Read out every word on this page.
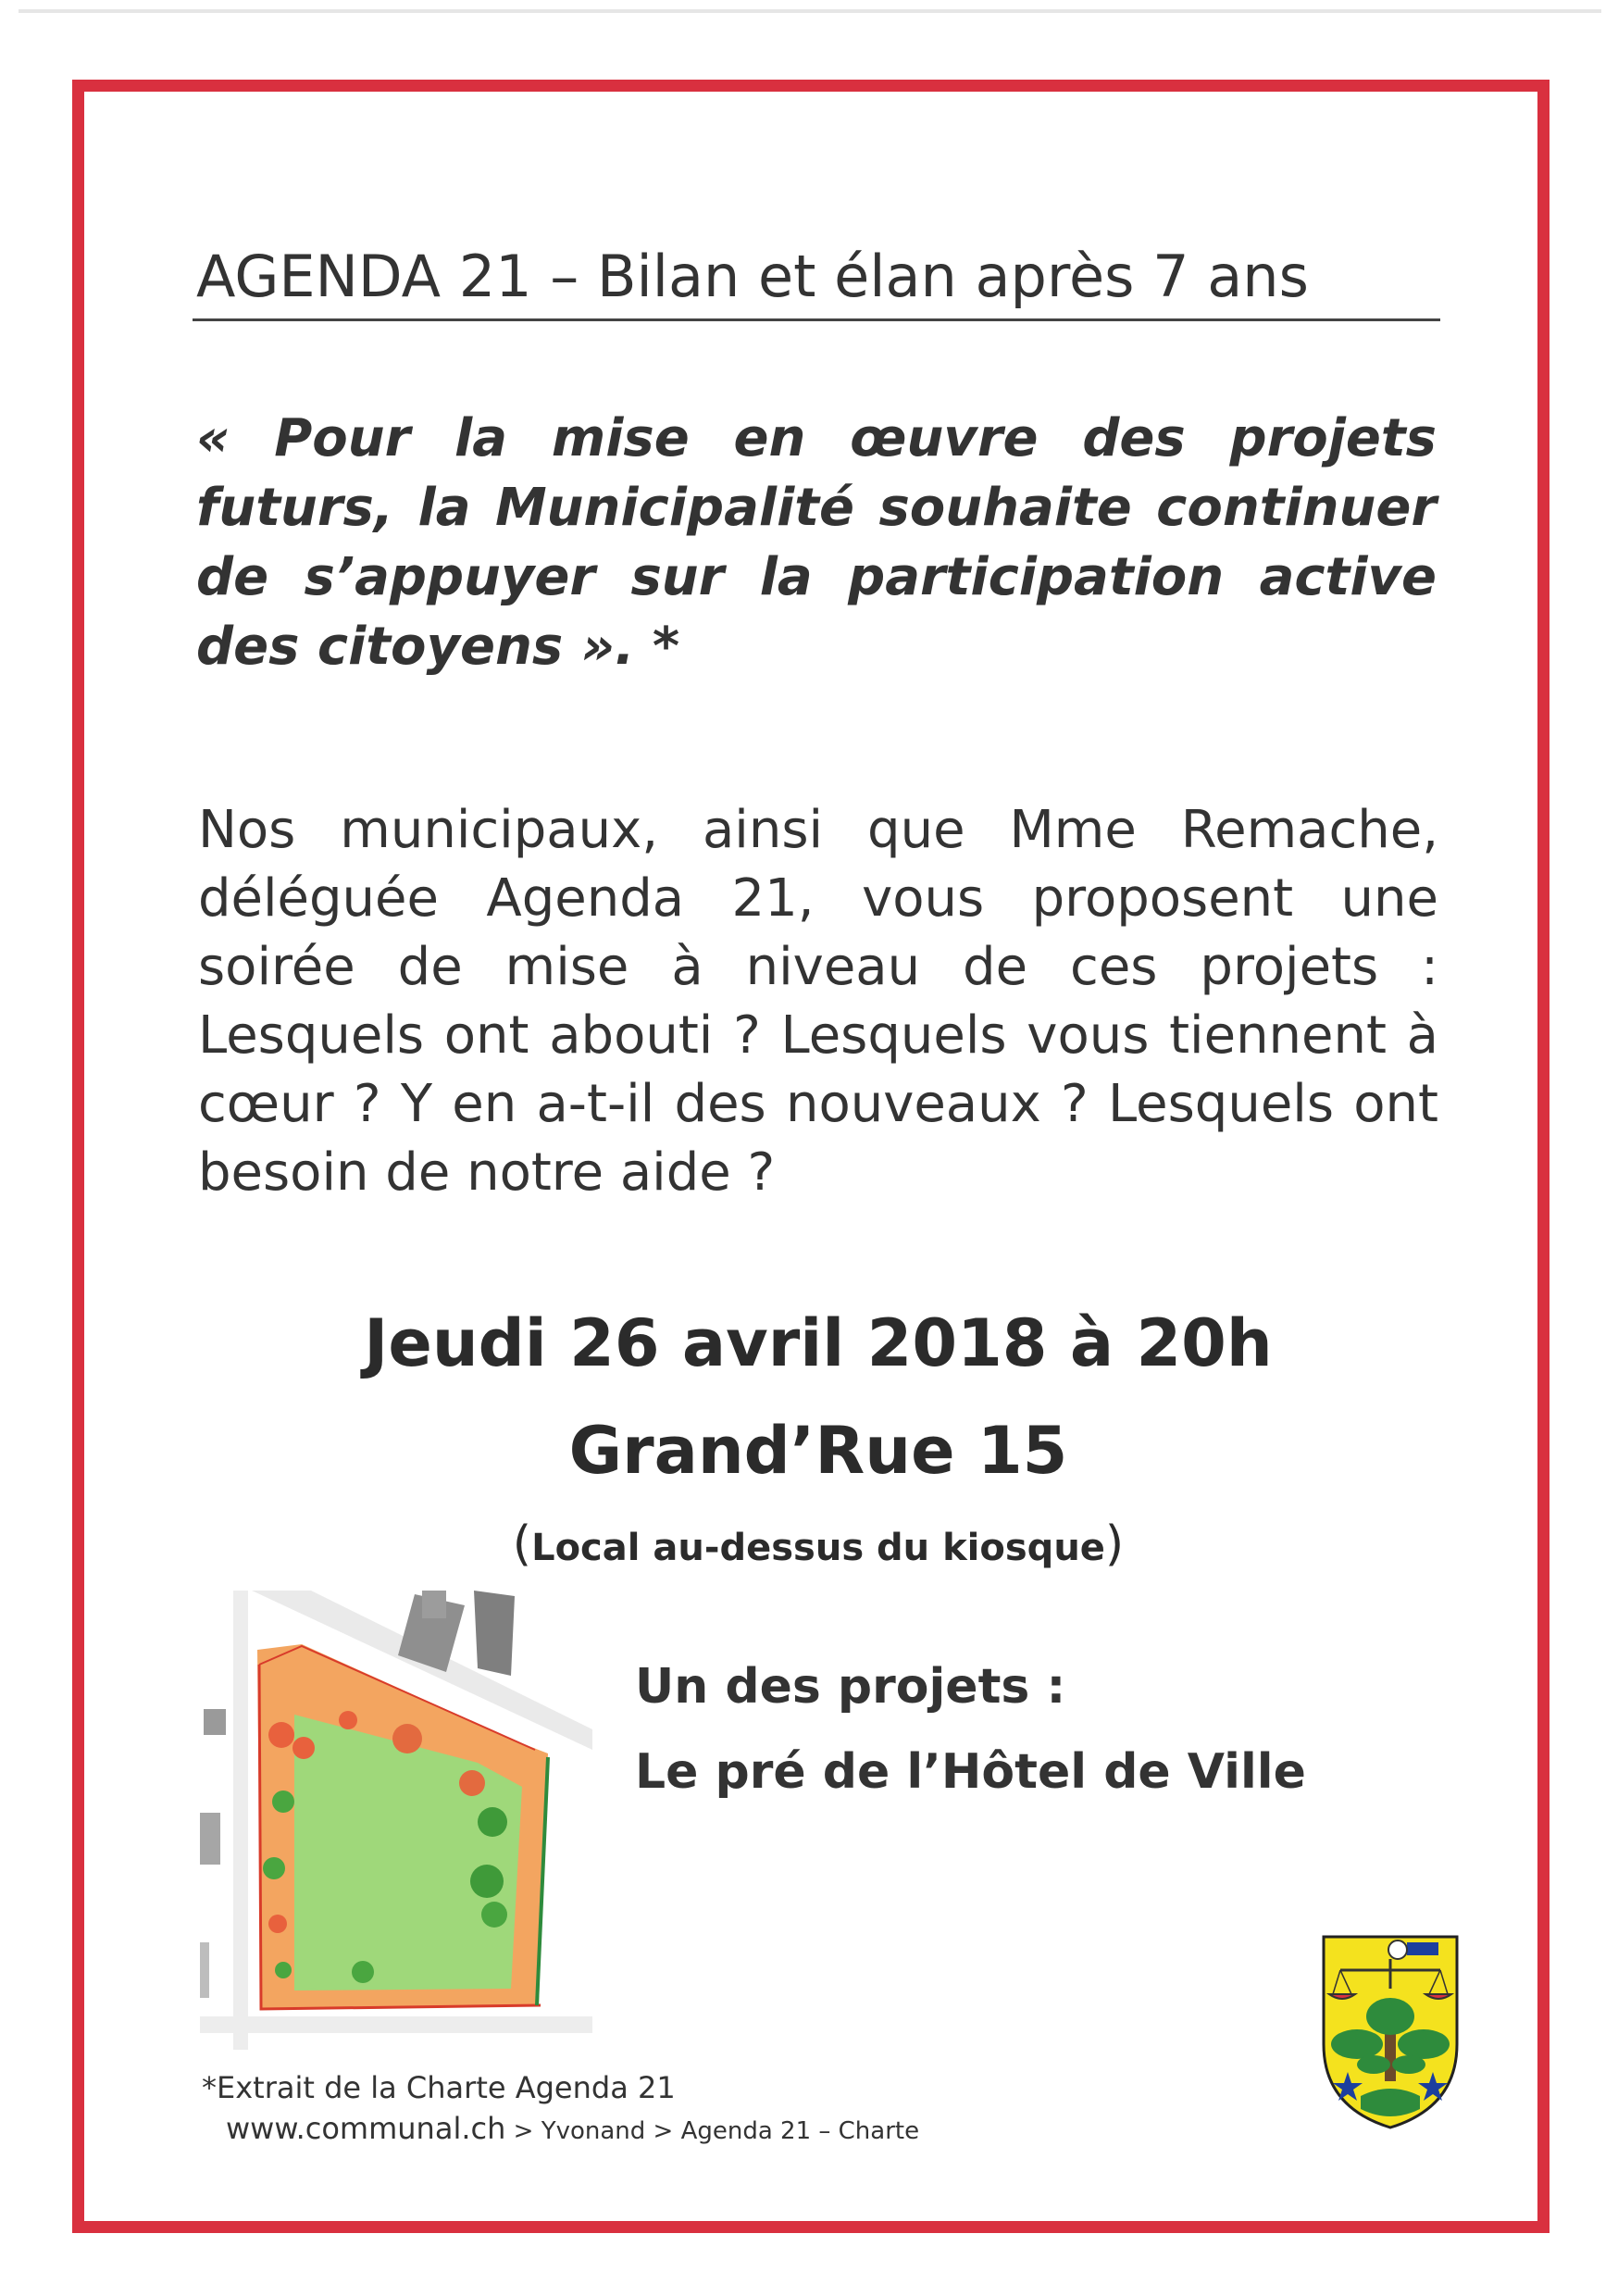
AGENDA 21 – Bilan et élan après 7 ans
« Pour la mise en œuvre des projets futurs, la Municipalité souhaite continuer de s’appuyer sur la participation active des citoyens ». *
Nos municipaux, ainsi que Mme Remache, déléguée Agenda 21, vous proposent une soirée de mise à niveau de ces projets : Lesquels ont abouti ? Lesquels vous tiennent à cœur ? Y en a-t-il des nouveaux ? Lesquels ont besoin de notre aide ?
Jeudi 26 avril 2018 à 20h
Grand’Rue 15
(Local au-dessus du kiosque)
Un des projets :
Le pré de l’Hôtel de Ville
*Extrait de la Charte Agenda 21
www.communal.ch > Yvonand > Agenda 21 – Charte
